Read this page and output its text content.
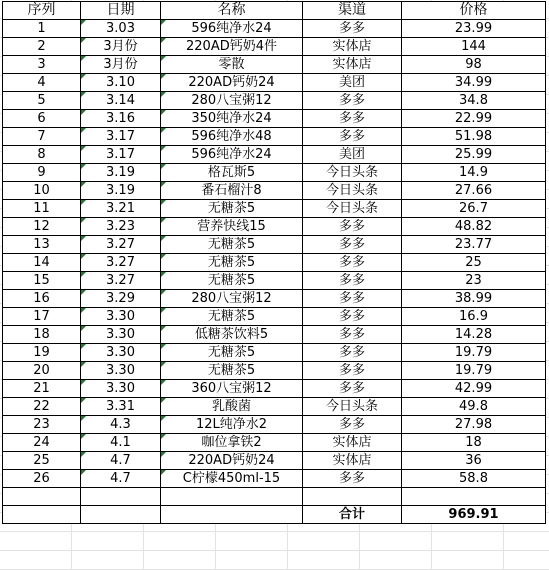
序列	日期	名称	渠道	价格
1	3.03	596纯净水24	多多	23.99
2	3月份	220AD钙奶4件	实体店	144
3	3月份	零散	实体店	98
4	3.10	220AD钙奶24	美团	34.99
5	3.14	280八宝粥12	多多	34.8
6	3.16	350纯净水24	多多	22.99
7	3.17	596纯净水48	多多	51.98
8	3.17	596纯净水24	美团	25.99
9	3.19	格瓦斯5	今日头条	14.9
10	3.19	番石榴汁8	今日头条	27.66
11	3.21	无糖茶5	今日头条	26.7
12	3.23	营养快线15	多多	48.82
13	3.27	无糖茶5	多多	23.77
14	3.27	无糖茶5	多多	25
15	3.27	无糖茶5	多多	23
16	3.29	280八宝粥12	多多	38.99
17	3.30	无糖茶5	多多	16.9
18	3.30	低糖茶饮料5	多多	14.28
19	3.30	无糖茶5	多多	19.79
20	3.30	无糖茶5	多多	19.79
21	3.30	360八宝粥12	多多	42.99
22	3.31	乳酸菌	今日头条	49.8
23	4.3	12L纯净水2	多多	27.98
24	4.1	咖位拿铁2	实体店	18
25	4.7	220AD钙奶24	实体店	36
26	4.7	C柠檬450ml-15	多多	58.8

			合计	969.91
